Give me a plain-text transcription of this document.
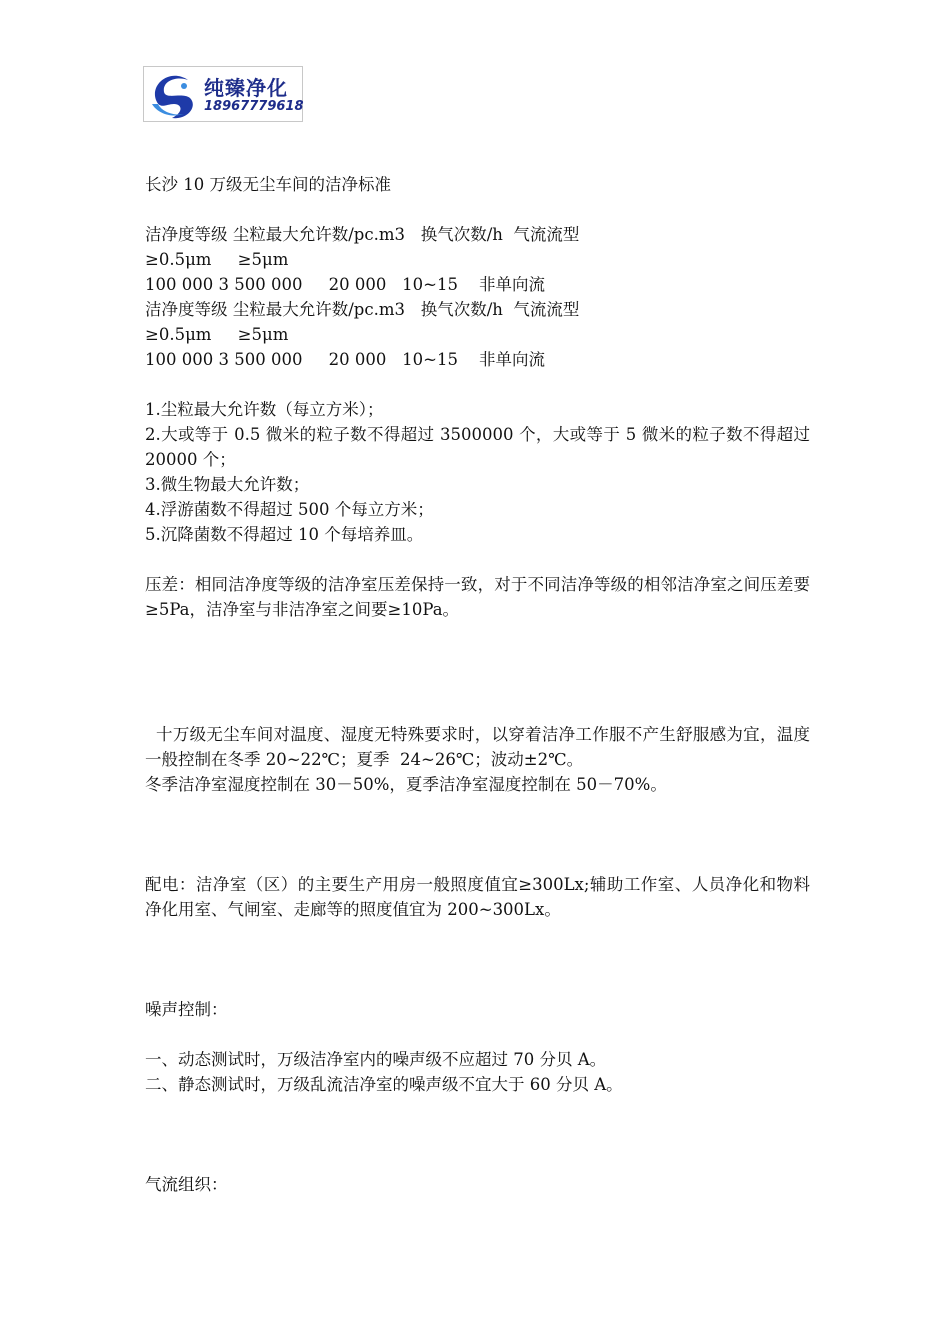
纯臻净化
18967779618
长沙 10 万级无尘车间的洁净标准
洁净度等级 尘粒最大允许数/pc.m3   换气次数/h  气流流型
≥0.5μm     ≥5μm
100 000 3 500 000     20 000   10~15    非单向流
洁净度等级 尘粒最大允许数/pc.m3   换气次数/h  气流流型
≥0.5μm     ≥5μm
100 000 3 500 000     20 000   10~15    非单向流
1.尘粒最大允许数（每立方米）；
2.大或等于 0.5 微米的粒子数不得超过 3500000 个，大或等于 5 微米的粒子数不得超过 20000 个；
3.微生物最大允许数；
4.浮游菌数不得超过 500 个每立方米；
5.沉降菌数不得超过 10 个每培养皿。
压差：相同洁净度等级的洁净室压差保持一致，对于不同洁净等级的相邻洁净室之间压差要≥5Pa，洁净室与非洁净室之间要≥10Pa。
十万级无尘车间对温度、湿度无特殊要求时，以穿着洁净工作服不产生舒服感为宜，温度一般控制在冬季 20~22℃；夏季  24~26℃；波动±2℃。
冬季洁净室湿度控制在 30－50%，夏季洁净室湿度控制在 50－70%。
配电：洁净室（区）的主要生产用房一般照度值宜≥300Lx;辅助工作室、人员净化和物料净化用室、气闸室、走廊等的照度值宜为 200~300Lx。
噪声控制：
一、动态测试时，万级洁净室内的噪声级不应超过 70 分贝 A。
二、静态测试时，万级乱流洁净室的噪声级不宜大于 60 分贝 A。
气流组织：
